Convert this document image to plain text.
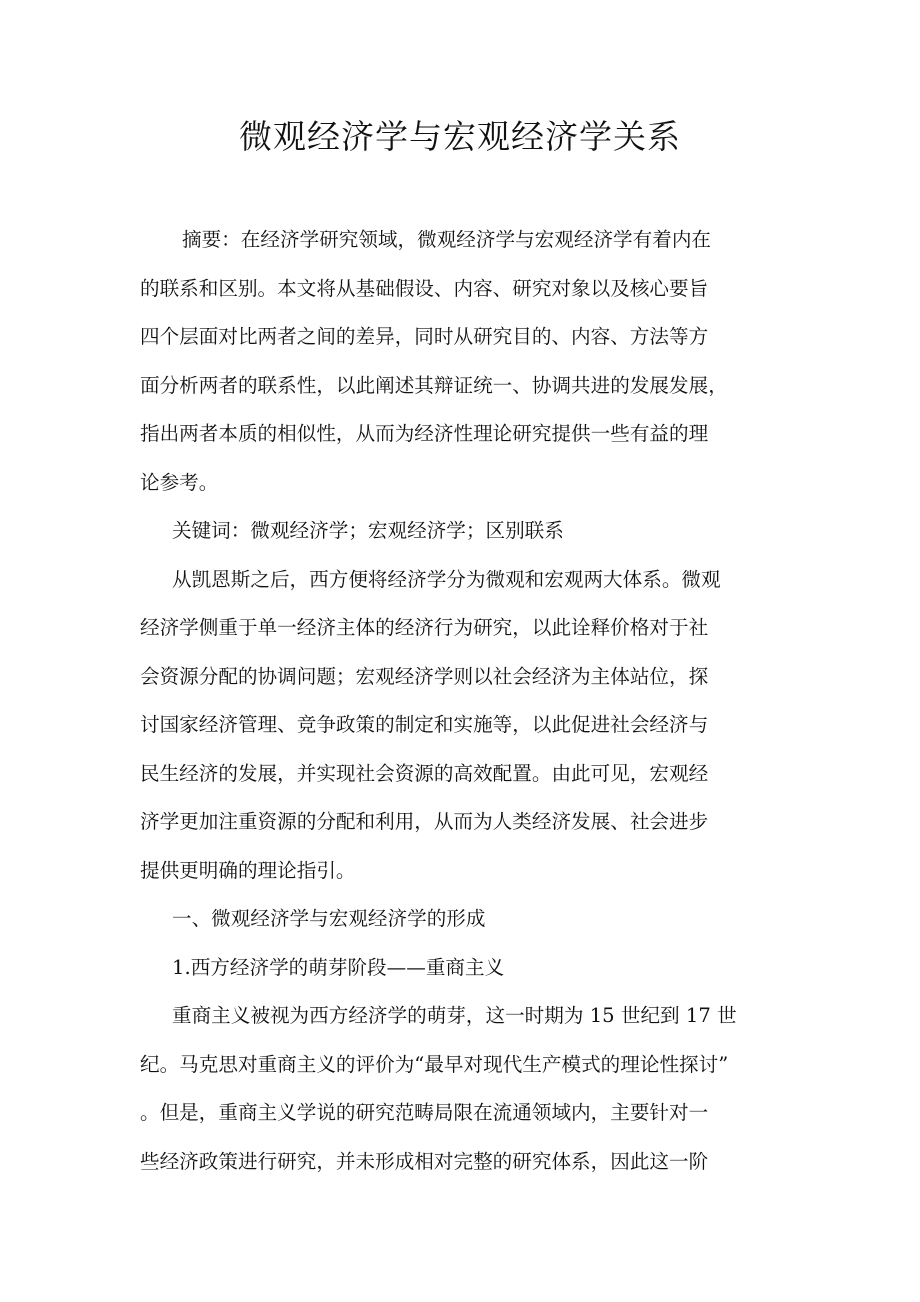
微观经济学与宏观经济学关系
摘要：在经济学研究领域，微观经济学与宏观经济学有着内在
的联系和区别。本文将从基础假设、内容、研究对象以及核心要旨
四个层面对比两者之间的差异，同时从研究目的、内容、方法等方
面分析两者的联系性，以此阐述其辩证统一、协调共进的发展发展，
指出两者本质的相似性，从而为经济性理论研究提供一些有益的理
论参考。
关键词：微观经济学；宏观经济学；区别联系
从凯恩斯之后，西方便将经济学分为微观和宏观两大体系。微观
经济学侧重于单一经济主体的经济行为研究，以此诠释价格对于社
会资源分配的协调问题；宏观经济学则以社会经济为主体站位，探
讨国家经济管理、竞争政策的制定和实施等，以此促进社会经济与
民生经济的发展，并实现社会资源的高效配置。由此可见，宏观经
济学更加注重资源的分配和利用，从而为人类经济发展、社会进步
提供更明确的理论指引。
一、微观经济学与宏观经济学的形成
1.西方经济学的萌芽阶段——重商主义
重商主义被视为西方经济学的萌芽，这一时期为 15 世纪到 17 世
纪。马克思对重商主义的评价为“最早对现代生产模式的理论性探讨”
。但是，重商主义学说的研究范畴局限在流通领域内，主要针对一
些经济政策进行研究，并未形成相对完整的研究体系，因此这一阶
